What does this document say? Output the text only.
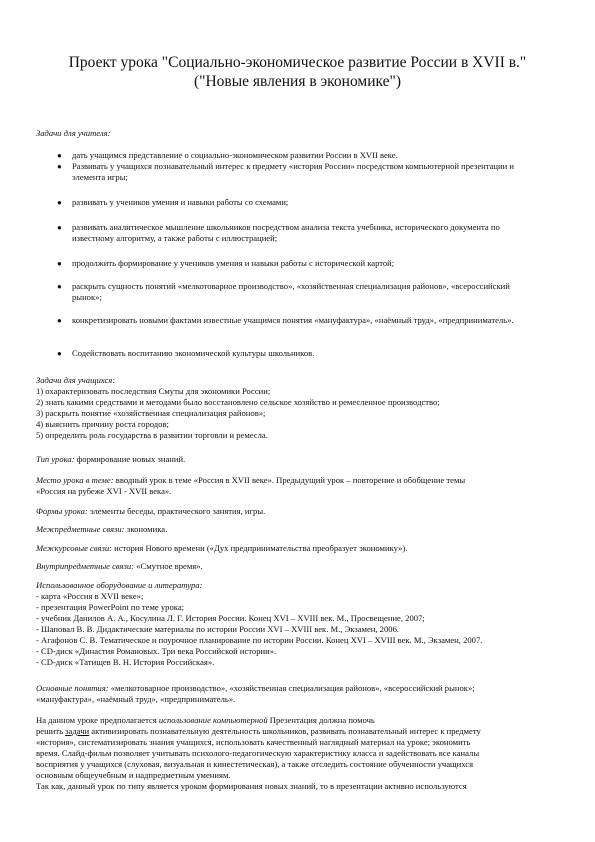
Проект урока "Социально-экономическое развитие России в XVII в."
("Новые явления в экономике")
Задачи для учителя:
● дать учащимся представление о социально-экономическом развитии России в XVII веке.
● Развивать у учащихся познавательный интерес к предмету «история России» посредством компьютерной презентации и элемента игры;
● развивать у учеников умения и навыки работы со схемами;
● развивать аналитическое мышление школьников посредством анализа текста учебника, исторического документа по известному алгоритму, а также работы с иллюстрацией;
● продолжить формирование у учеников умения и навыки работы с исторической картой;
● раскрыть сущность понятий «мелкотоварное производство», «хозяйственная специализация районов», «всероссийский рынок»;
● конкретизировать новыми фактами известные учащимся понятия «мануфактура», «наёмный труд», «предприниматель».
● Содействовать воспитанию экономической культуры школьников.
Задачи для учащихся:
1) охарактеризовать последствия Смуты для экономики России;
2) знать какими средствами и методами было восстановлено сельское хозяйство и ремесленное производство;
3) раскрыть понятие «хозяйственная специализация районов»;
4) выяснить причину роста городов;
5) определить роль государства в развитии торговли и ремесла.
Тип урока: формирование новых знаний.
Место урока в теме: вводный урок в теме «Россия в XVII веке». Предыдущий урок – повторение и обобщение темы
«Россия на рубеже XVI - XVII века».
Формы урока: элементы беседы, практического занятия, игры.
Межпредметные связи: экономика.
Межкурсовые связи: история Нового времени («Дух предпринимательства преобразует экономику»).
Внутрипредметные связи: «Смутное время».
Использованное оборудование и литература:
- карта «Россия в XVII веке»;
- презентация PowerPoint по теме урока;
- учебник Данилов А. А., Косулина Л. Г. История России. Конец XVI – XVIII век. М., Просвещение, 2007;
- Шаповал В. В. Дидактические материалы по истории России XVI – XVIII век. М., Экзамен, 2006.
- Агафонов С. В. Тематическое и поурочное планирование по истории России. Конец XVI – XVIII век. М., Экзамен, 2007.
- CD-диск «Династия Романовых. Три века Российской истории».
- CD-диск «Татищев В. Н. История Российская».
Основные понятия: «мелкотоварное производство», «хозяйственная специализация районов», «всероссийский рынок»;
«мануфактура», «наёмный труд», «предприниматель».
На данном уроке предполагается использование компьютерной Презентация должна помочь
решить задачи активизировать познавательную деятельность школьников, развивать познавательный интерес к предмету
«история», систематизировать знания учащихся, использовать качественный наглядный материал на уроке; экономить
время. Слайд-фильм позволяет учитывать психолого-педагогическую характеристику класса и задействовать все каналы
восприятия у учащихся (слуховая, визуальная и кинестетическая), а также отследить состояние обученности учащихся
основным общеучебным и надпредметным умениям.
Так как, данный урок по типу является уроком формирования новых знаний, то в презентации активно используются
